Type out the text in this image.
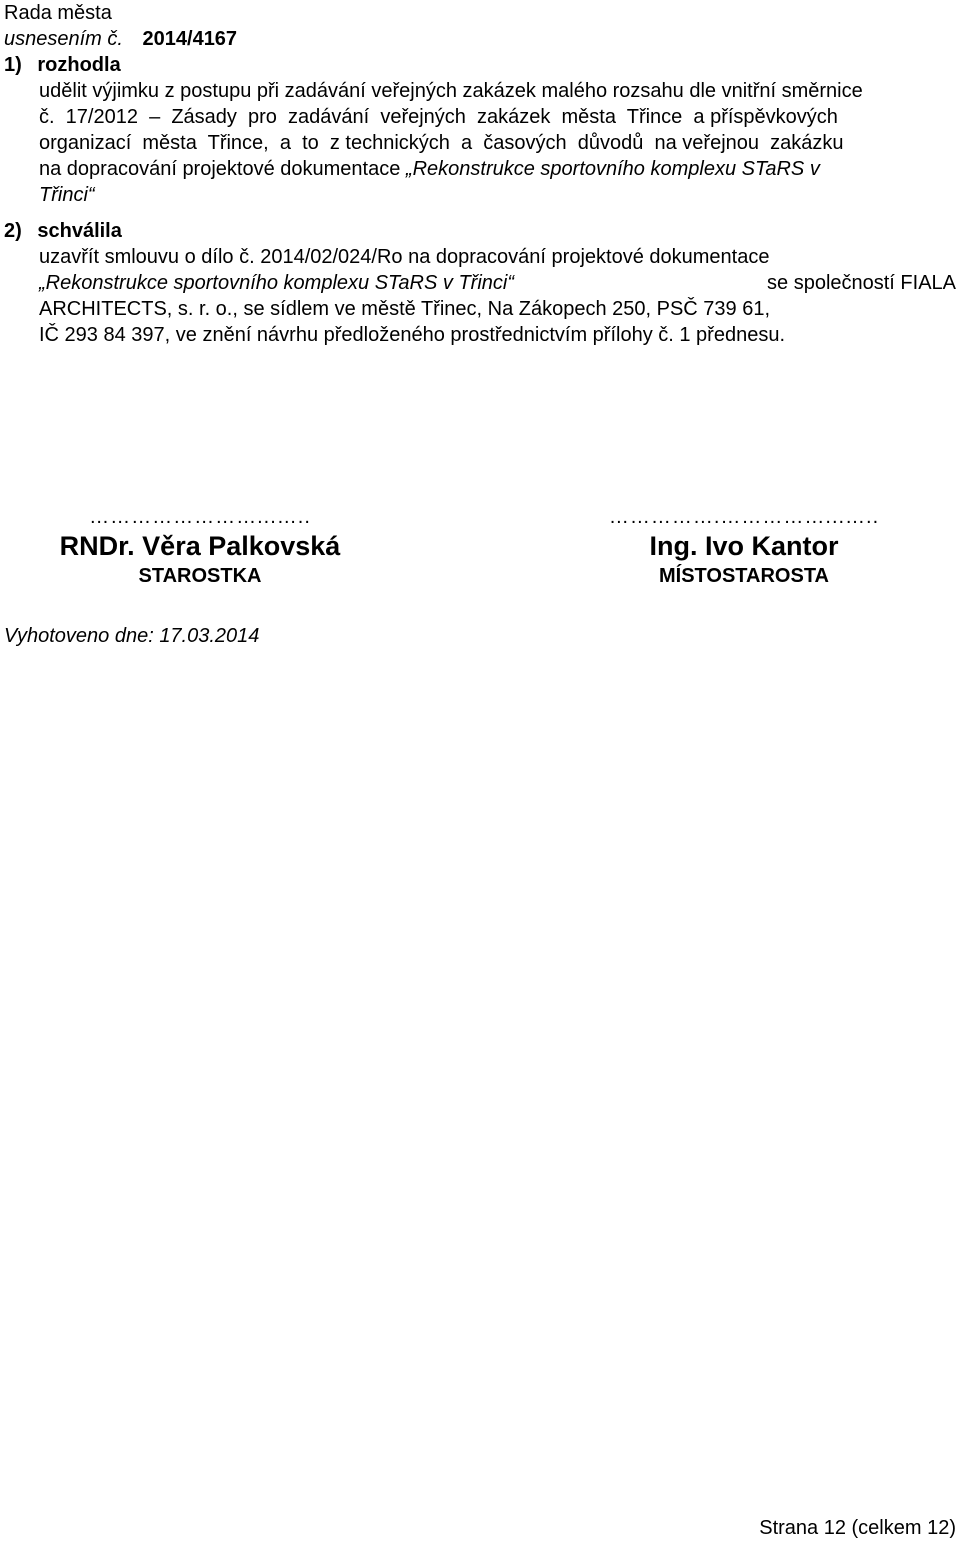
Rada města
usnesením č. 2014/4167
1) rozhodla
udělit výjimku z postupu při zadávání veřejných zakázek malého rozsahu dle vnitřní směrnice
č.  17/2012  –  Zásady  pro  zadávání  veřejných  zakázek  města  Třince  a příspěvkových
organizací  města  Třince,  a  to  z technických  a  časových  důvodů  na veřejnou  zakázku
na dopracování projektové dokumentace „Rekonstrukce sportovního komplexu STaRS v
Třinci“
2) schválila
uzavřít smlouvu o dílo č. 2014/02/024/Ro na dopracování projektové dokumentace
„Rekonstrukce sportovního komplexu STaRS v Třinci“	se společností FIALA
ARCHITECTS, s. r. o., se sídlem ve městě Třinec, Na Zákopech 250, PSČ 739 61,
IČ 293 84 397, ve znění návrhu předloženého prostřednictvím přílohy č. 1 přednesu.
……………………...…..
RNDr. Věra Palkovská
STAROSTKA
…………….……………...…..
Ing. Ivo Kantor
MÍSTOSTAROSTA
Vyhotoveno dne: 17.03.2014
Strana 12 (celkem 12)
